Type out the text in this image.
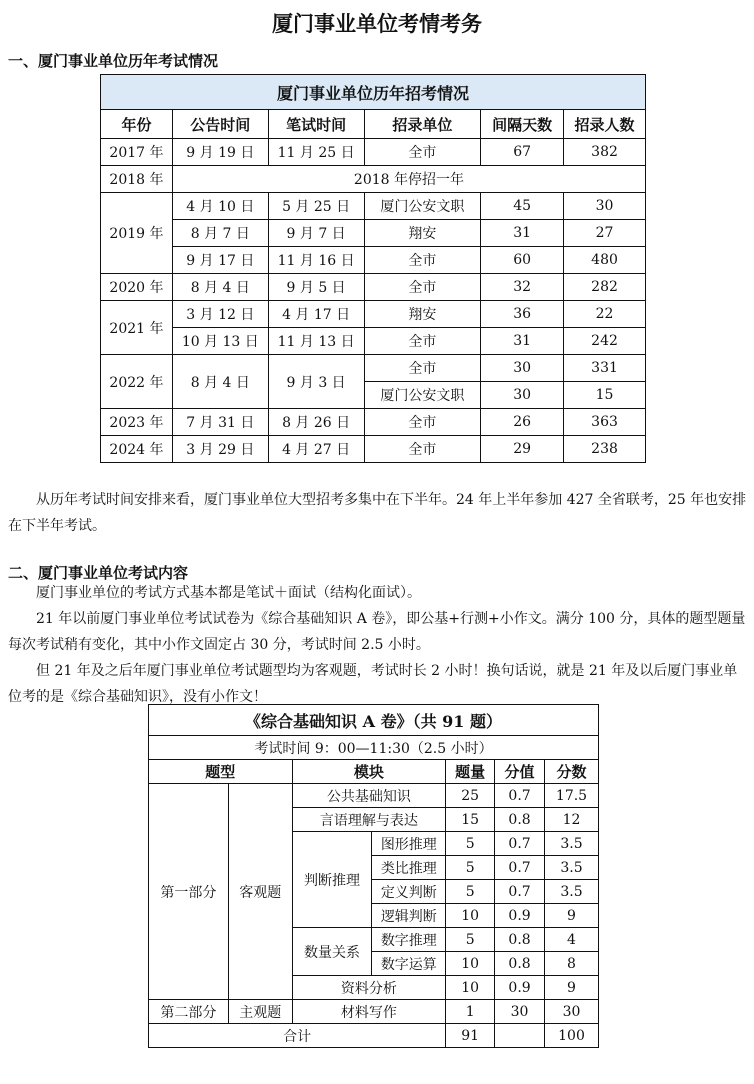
厦门事业单位考情考务
一、厦门事业单位历年考试情况
厦门事业单位历年招考情况					
年份	公告时间	笔试时间	招录单位	间隔天数	招录人数
2017 年	9 月 19 日	11 月 25 日	全市	67	382
2018 年	2018 年停招一年				
2019 年	4 月 10 日	5 月 25 日	厦门公安文职	45	30
	8 月 7 日	9 月 7 日	翔安	31	27
	9 月 17 日	11 月 16 日	全市	60	480
2020 年	8 月 4 日	9 月 5 日	全市	32	282
2021 年	3 月 12 日	4 月 17 日	翔安	36	22
	10 月 13 日	11 月 13 日	全市	31	242
2022 年	8 月 4 日	9 月 3 日	全市	30	331
			厦门公安文职	30	15
2023 年	7 月 31 日	8 月 26 日	全市	26	363
2024 年	3 月 29 日	4 月 27 日	全市	29	238

从历年考试时间安排来看，厦门事业单位大型招考多集中在下半年。24 年上半年参加 427 全省联考，25 年也安排在下半年考试。

二、厦门事业单位考试内容

厦门事业单位的考试方式基本都是笔试＋面试（结构化面试）。

21 年以前厦门事业单位考试试卷为《综合基础知识 A 卷》，即公基+行测+小作文。满分 100 分，具体的题型题量每次考试稍有变化，其中小作文固定占 30 分，考试时间 2.5 小时。

但 21 年及之后年厦门事业单位考试题型均为客观题，考试时长 2 小时！换句话说，就是 21 年及以后厦门事业单位考的是《综合基础知识》，没有小作文！

《综合基础知识 A 卷》（共 91 题）						
考试时间 9：00—11:30（2.5 小时）						
题型		模块		题量	分值	分数
第一部分	客观题	公共基础知识		25	0.7	17.5
		言语理解与表达		15	0.8	12
		判断推理	图形推理	5	0.7	3.5
			类比推理	5	0.7	3.5
			定义判断	5	0.7	3.5
			逻辑判断	10	0.9	9
		数量关系	数字推理	5	0.8	4
			数字运算	10	0.8	8
		资料分析		10	0.9	9
第二部分	主观题	材料写作		1	30	30
合计				91		100
